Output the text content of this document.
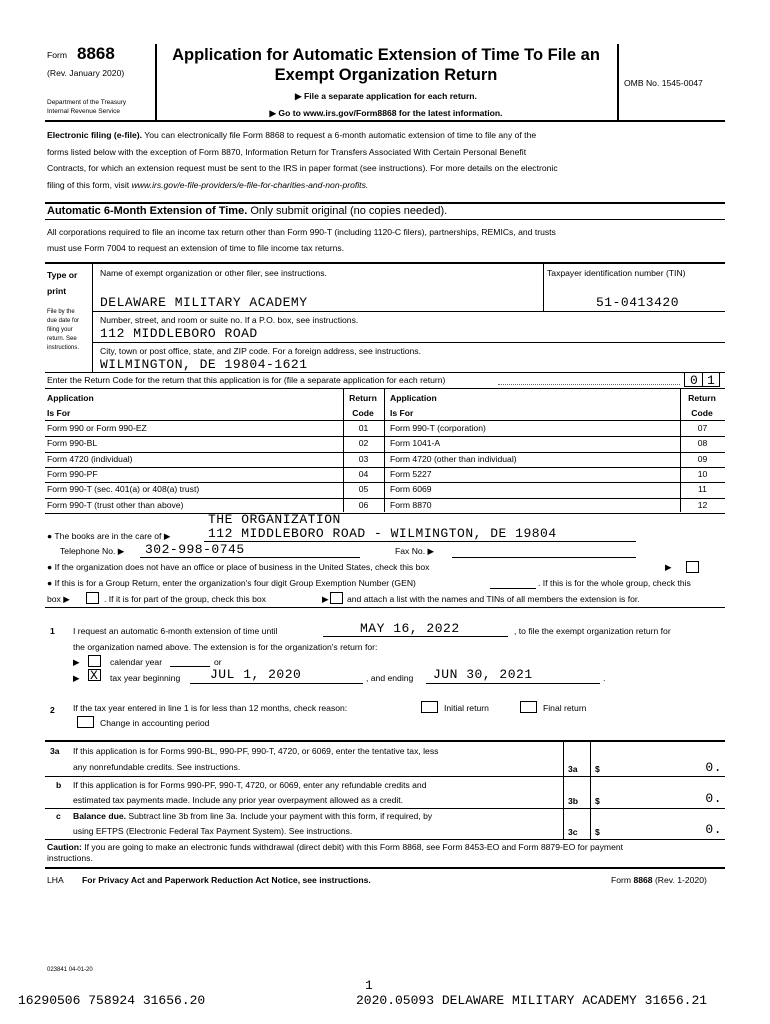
Form 8868
(Rev. January 2020)
Department of the Treasury
Internal Revenue Service
Application for Automatic Extension of Time To File an
Exempt Organization Return
▶ File a separate application for each return.
▶ Go to www.irs.gov/Form8868 for the latest information.
OMB No. 1545-0047
Electronic filing (e-file). You can electronically file Form 8868 to request a 6-month automatic extension of time to file any of the
forms listed below with the exception of Form 8870, Information Return for Transfers Associated With Certain Personal Benefit
Contracts, for which an extension request must be sent to the IRS in paper format (see instructions). For more details on the electronic
filing of this form, visit www.irs.gov/e-file-providers/e-file-for-charities-and-non-profits.
Automatic 6-Month Extension of Time. Only submit original (no copies needed).
All corporations required to file an income tax return other than Form 990-T (including 1120-C filers), partnerships, REMICs, and trusts
must use Form 7004 to request an extension of time to file income tax returns.
Type or
print
File by the
due date for
filing your
return. See
instructions.
Name of exempt organization or other filer, see instructions.	Taxpayer identification number (TIN)
DELAWARE MILITARY ACADEMY	51-0413420
Number, street, and room or suite no. If a P.O. box, see instructions.
112 MIDDLEBORO ROAD
City, town or post office, state, and ZIP code. For a foreign address, see instructions.
WILMINGTON, DE 19804-1621
Enter the Return Code for the return that this application is for (file a separate application for each return)	0 1
Application
Is For
Return
Code
Application
Is For
Return
Code
Form 990 or Form 990-EZ	01	Form 990-T (corporation)	07
Form 990-BL	02	Form 1041-A	08
Form 4720 (individual)	03	Form 4720 (other than individual)	09
Form 990-PF	04	Form 5227	10
Form 990-T (sec. 401(a) or 408(a) trust)	05	Form 6069	11
Form 990-T (trust other than above)	06	Form 8870	12
THE ORGANIZATION
● The books are in the care of ▶	112 MIDDLEBORO ROAD - WILMINGTON, DE 19804
Telephone No. ▶ 302-998-0745	Fax No. ▶
● If the organization does not have an office or place of business in the United States, check this box	▶
● If this is for a Group Return, enter the organization's four digit Group Exemption Number (GEN)	. If this is for the whole group, check this
box ▶	. If it is for part of the group, check this box	▶ and attach a list with the names and TINs of all members the extension is for.
1 I request an automatic 6-month extension of time until	MAY 16, 2022	, to file the exempt organization return for
the organization named above. The extension is for the organization's return for:
▶	calendar year	or
▶ X tax year beginning JUL 1, 2020	, and ending JUN 30, 2021	.
2 If the tax year entered in line 1 is for less than 12 months, check reason:	Initial return	Final return
Change in accounting period
3a If this application is for Forms 990-BL, 990-PF, 990-T, 4720, or 6069, enter the tentative tax, less
any nonrefundable credits. See instructions.	3a $	0.
b If this application is for Forms 990-PF, 990-T, 4720, or 6069, enter any refundable credits and
estimated tax payments made. Include any prior year overpayment allowed as a credit.	3b $	0.
c Balance due. Subtract line 3b from line 3a. Include your payment with this form, if required, by
using EFTPS (Electronic Federal Tax Payment System). See instructions.	3c $	0.
Caution: If you are going to make an electronic funds withdrawal (direct debit) with this Form 8868, see Form 8453-EO and Form 8879-EO for payment
instructions.
LHA For Privacy Act and Paperwork Reduction Act Notice, see instructions.	Form 8868 (Rev. 1-2020)
023841 04-01-20
1
16290506 758924 31656.20	2020.05093 DELAWARE MILITARY ACADEMY 31656.21
